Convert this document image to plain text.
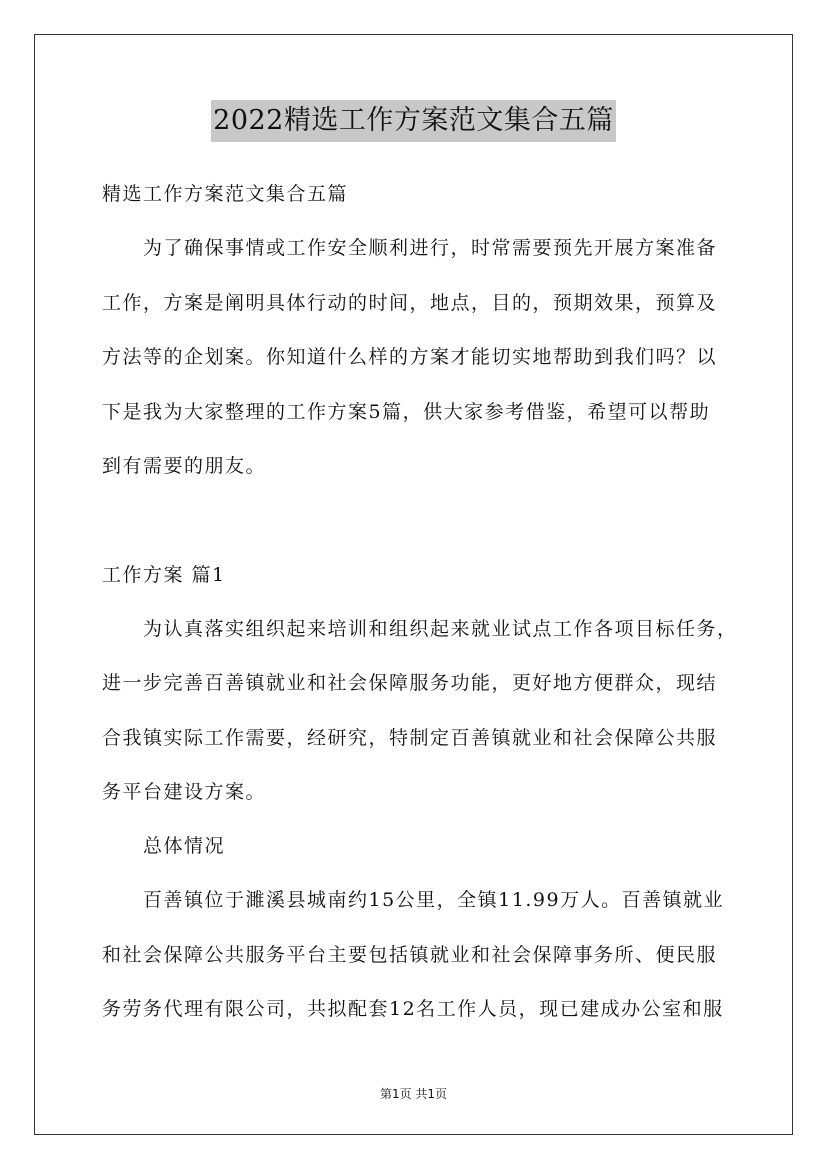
2022精选工作方案范文集合五篇
精选工作方案范文集合五篇
为了确保事情或工作安全顺利进行，时常需要预先开展方案准备
工作，方案是阐明具体行动的时间，地点，目的，预期效果，预算及
方法等的企划案。你知道什么样的方案才能切实地帮助到我们吗？以
下是我为大家整理的工作方案5篇，供大家参考借鉴，希望可以帮助
到有需要的朋友。
工作方案 篇1
为认真落实组织起来培训和组织起来就业试点工作各项目标任务，
进一步完善百善镇就业和社会保障服务功能，更好地方便群众，现结
合我镇实际工作需要，经研究，特制定百善镇就业和社会保障公共服
务平台建设方案。
总体情况
百善镇位于濉溪县城南约15公里，全镇11.99万人。百善镇就业
和社会保障公共服务平台主要包括镇就业和社会保障事务所、便民服
务劳务代理有限公司，共拟配套12名工作人员，现已建成办公室和服
第1页 共1页
